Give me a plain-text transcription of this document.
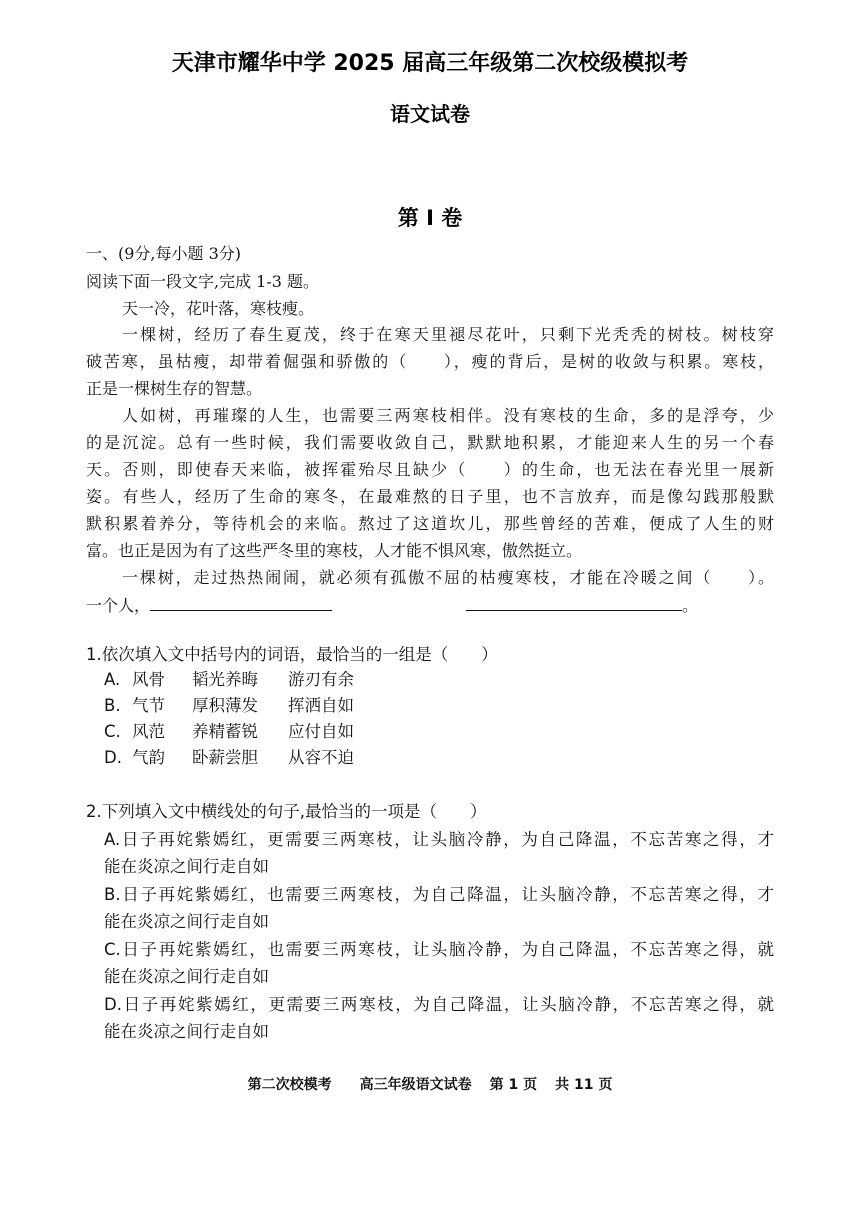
天津市耀华中学 2025 届高三年级第二次校级模拟考
语文试卷
第 I 卷
一、(9分,每小题 3分)
阅读下面一段文字,完成 1-3 题。
天一冷，花叶落，寒枝瘦。
一棵树，经历了春生夏茂，终于在寒天里褪尽花叶，只剩下光秃秃的树枝。树枝穿
破苦寒，虽枯瘦，却带着倔强和骄傲的（　　），瘦的背后，是树的收敛与积累。寒枝，
正是一棵树生存的智慧。
人如树，再璀璨的人生，也需要三两寒枝相伴。没有寒枝的生命，多的是浮夸，少
的是沉淀。总有一些时候，我们需要收敛自己，默默地积累，才能迎来人生的另一个春
天。否则，即使春天来临，被挥霍殆尽且缺少（　　）的生命，也无法在春光里一展新
姿。有些人，经历了生命的寒冬，在最难熬的日子里，也不言放弃，而是像勾践那般默
默积累着养分，等待机会的来临。熬过了这道坎儿，那些曾经的苦难，便成了人生的财
富。也正是因为有了这些严冬里的寒枝，人才能不惧风寒，傲然挺立。
一棵树，走过热热闹闹，就必须有孤傲不屈的枯瘦寒枝，才能在冷暖之间（　　）。
一个人，	。
1.依次填入文中括号内的词语，最恰当的一组是（　　）
A. 风骨 韬光养晦 游刃有余
B. 气节 厚积薄发 挥洒自如
C. 风范 养精蓄锐 应付自如
D. 气韵 卧薪尝胆 从容不迫
2.下列填入文中横线处的句子,最恰当的一项是（　　）
A.日子再姹紫嫣红，更需要三两寒枝，让头脑冷静，为自己降温，不忘苦寒之得，才
能在炎凉之间行走自如
B.日子再姹紫嫣红，也需要三两寒枝，为自己降温，让头脑冷静，不忘苦寒之得，才
能在炎凉之间行走自如
C.日子再姹紫嫣红，也需要三两寒枝，让头脑冷静，为自己降温，不忘苦寒之得，就
能在炎凉之间行走自如
D.日子再姹紫嫣红，更需要三两寒枝，为自己降温，让头脑冷静，不忘苦寒之得，就
能在炎凉之间行走自如
第二次校模考 高三年级语文试卷 第 1 页 共 11 页
